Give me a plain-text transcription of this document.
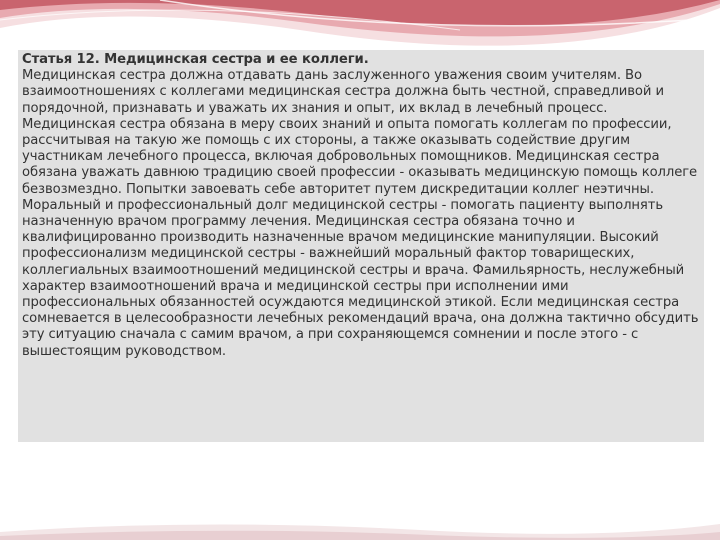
Статья 12. Медицинская сестра и ее коллеги.

Медицинская сестра должна отдавать дань заслуженного уважения своим учителям. Во взаимоотношениях с коллегами медицинская сестра должна быть честной, справедливой и порядочной, признавать и уважать их знания и опыт, их вклад в лечебный процесс. Медицинская сестра обязана в меру своих знаний и опыта помогать коллегам по профессии, рассчитывая на такую же помощь с их стороны, а также оказывать содействие другим участникам лечебного процесса, включая добровольных помощников. Медицинская сестра обязана уважать давнюю традицию своей профессии - оказывать медицинскую помощь коллеге безвозмездно. Попытки завоевать себе авторитет путем дискредитации коллег неэтичны.

Моральный и профессиональный долг медицинской сестры - помогать пациенту выполнять назначенную врачом программу лечения. Медицинская сестра обязана точно и квалифицированно производить назначенные врачом медицинские манипуляции. Высокий профессионализм медицинской сестры - важнейший моральный фактор товарищеских, коллегиальных взаимоотношений медицинской сестры и врача. Фамильярность, неслужебный характер взаимоотношений врача и медицинской сестры при исполнении ими профессиональных обязанностей осуждаются медицинской этикой. Если медицинская сестра сомневается в целесообразности лечебных рекомендаций врача, она должна тактично обсудить эту ситуацию сначала с самим врачом, а при сохраняющемся сомнении и после этого - с вышестоящим руководством.
